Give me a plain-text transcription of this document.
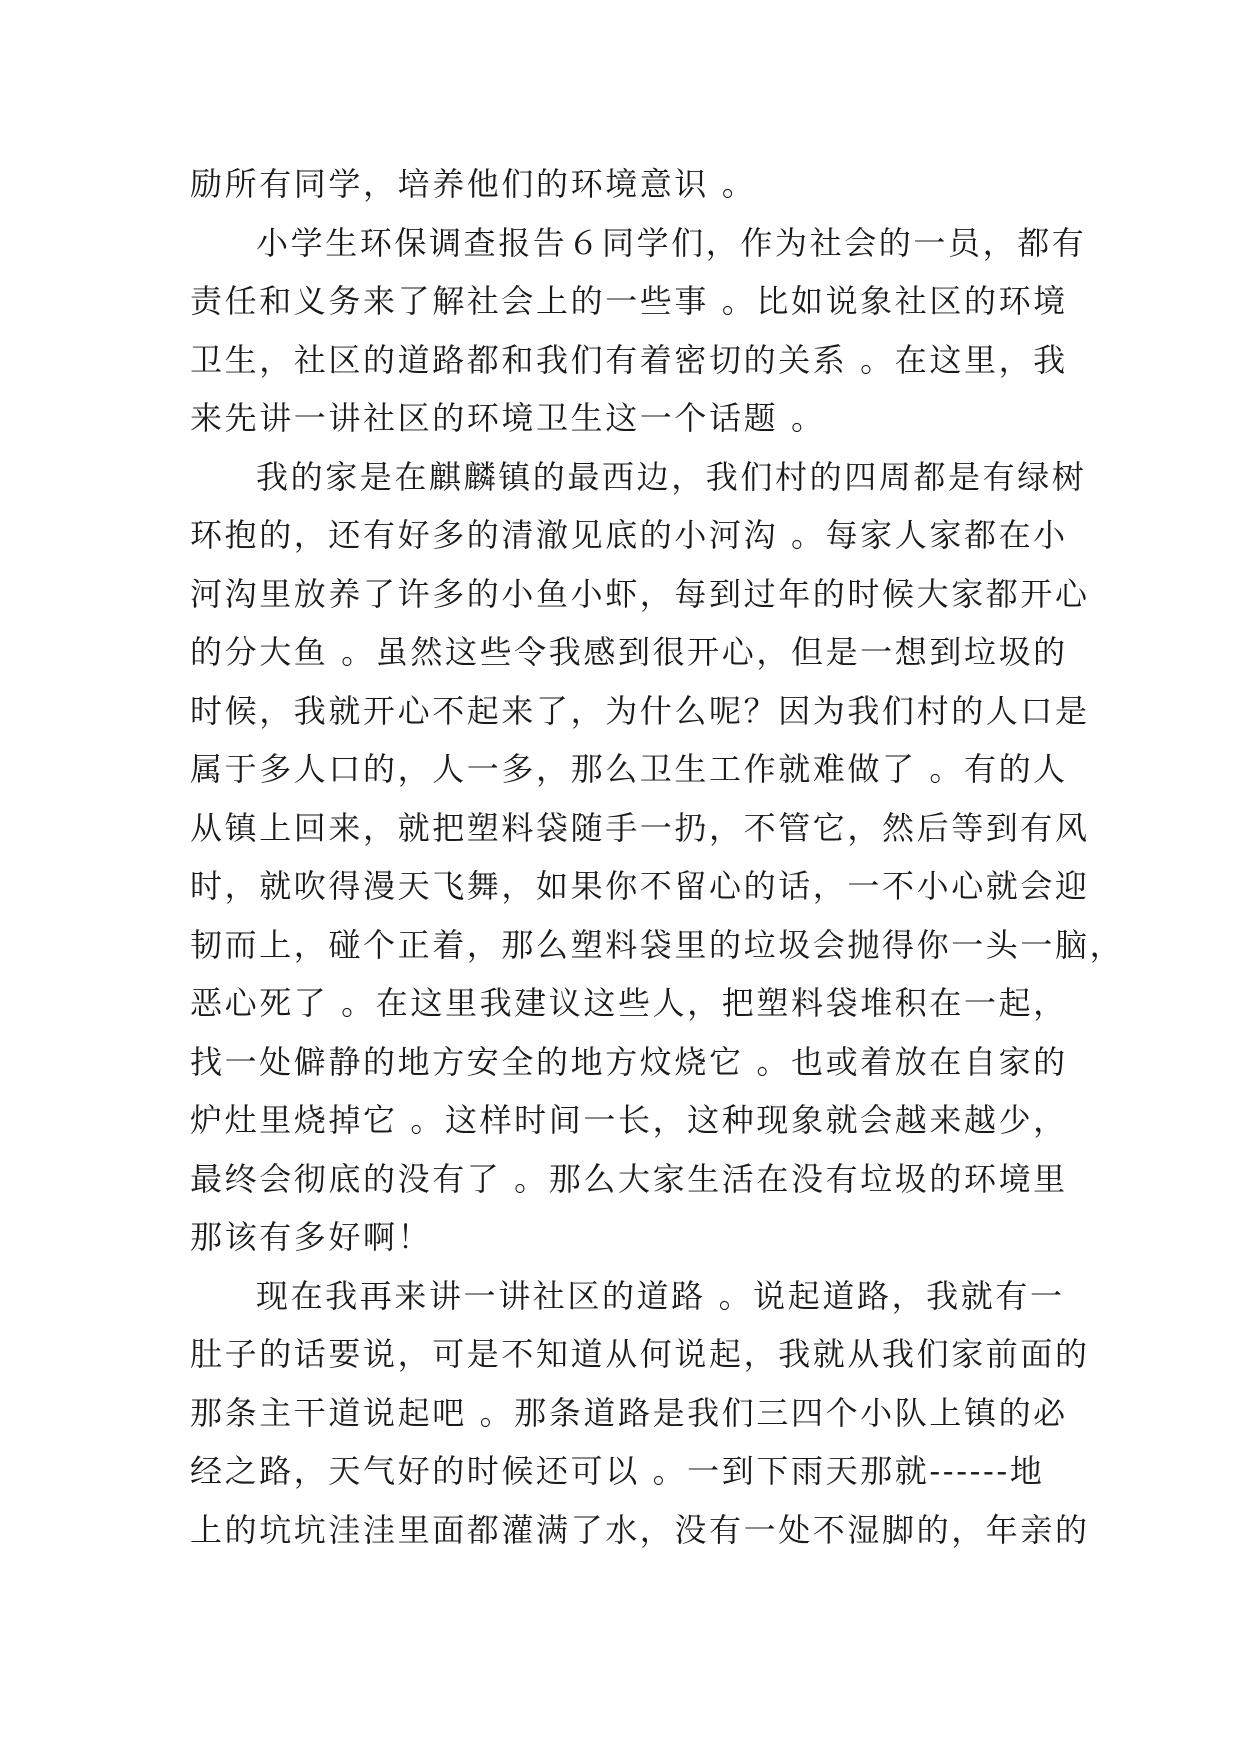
励所有同学，培养他们的环境意识 。
小学生环保调查报告６同学们，作为社会的一员，都有
责任和义务来了解社会上的一些事 。比如说象社区的环境
卫生，社区的道路都和我们有着密切的关系 。在这里，我
来先讲一讲社区的环境卫生这一个话题 。
我的家是在麒麟镇的最西边，我们村的四周都是有绿树
环抱的，还有好多的清澈见底的小河沟 。每家人家都在小
河沟里放养了许多的小鱼小虾，每到过年的时候大家都开心
的分大鱼 。虽然这些令我感到很开心，但是一想到垃圾的
时候，我就开心不起来了，为什么呢？因为我们村的人口是
属于多人口的，人一多，那么卫生工作就难做了 。有的人
从镇上回来，就把塑料袋随手一扔，不管它，然后等到有风
时，就吹得漫天飞舞，如果你不留心的话，一不小心就会迎
韧而上，碰个正着，那么塑料袋里的垃圾会抛得你一头一脑，
恶心死了 。在这里我建议这些人，把塑料袋堆积在一起，
找一处僻静的地方安全的地方炆烧它 。也或着放在自家的
炉灶里烧掉它 。这样时间一长，这种现象就会越来越少，
最终会彻底的没有了 。那么大家生活在没有垃圾的环境里
那该有多好啊！
现在我再来讲一讲社区的道路 。说起道路，我就有一
肚子的话要说，可是不知道从何说起，我就从我们家前面的
那条主干道说起吧 。那条道路是我们三四个小队上镇的必
经之路，天气好的时候还可以 。一到下雨天那就------地
上的坑坑洼洼里面都灌满了水，没有一处不湿脚的，年亲的
